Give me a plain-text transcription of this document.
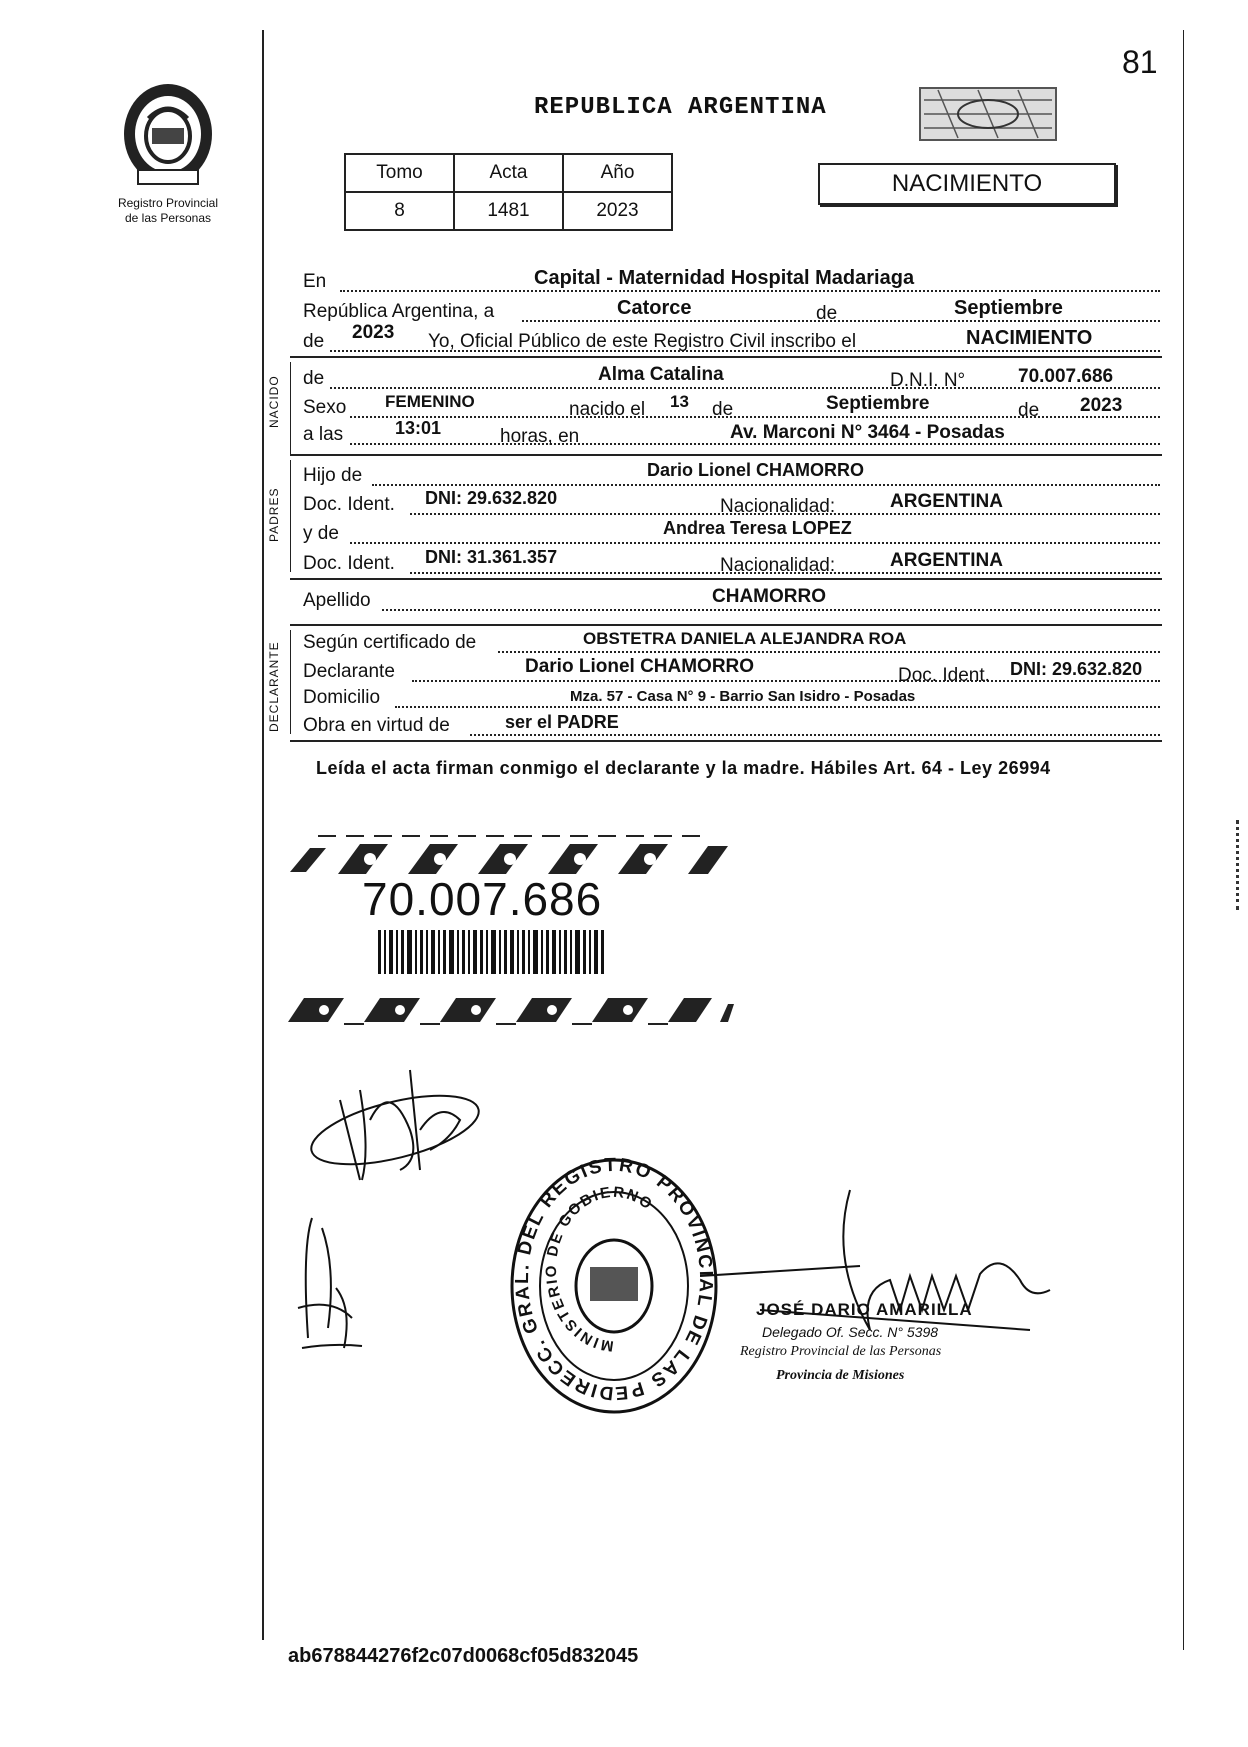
81
Registro Provincial
de las Personas
REPUBLICA ARGENTINA
Tomo	Acta	Año
8	1481	2023
NACIMIENTO
En	Capital - Maternidad Hospital Madariaga
República Argentina, a	Catorce	de	Septiembre
de 2023 Yo, Oficial Público de este Registro Civil inscribo el	NACIMIENTO
NACIDO de	Alma Catalina	D.N.I. N°	70.007.686
Sexo FEMENINO	nacido el 13 de	Septiembre	de 2023
a las	13:01	horas, en	Av. Marconi N° 3464 - Posadas
PADRES
Hijo de	Dario Lionel CHAMORRO
Doc. Ident. DNI: 29.632.820	Nacionalidad:	ARGENTINA
y de	Andrea Teresa LOPEZ
Doc. Ident. DNI: 31.361.357	Nacionalidad:	ARGENTINA
Apellido	CHAMORRO
DECLARANTE Según certificado de	OBSTETRA DANIELA ALEJANDRA ROA
Declarante	Dario Lionel CHAMORRO	Doc. Ident. DNI: 29.632.820
Domicilio	Mza. 57 - Casa N° 9 - Barrio San Isidro - Posadas
Obra en virtud de	ser el PADRE
Leída el acta firman conmigo el declarante y la madre. Hábiles Art. 64 - Ley 26994
70.007.686
DIRECC. GRAL. DEL REGISTRO PROVINCIAL DE LAS PE
MINISTERIO DE GOBIERNO
JOSÉ DARIO AMARILLA
Delegado Of. Secc. N° 5398
Registro Provincial de las Personas
Provincia de Misiones
ab678844276f2c07d0068cf05d832045
